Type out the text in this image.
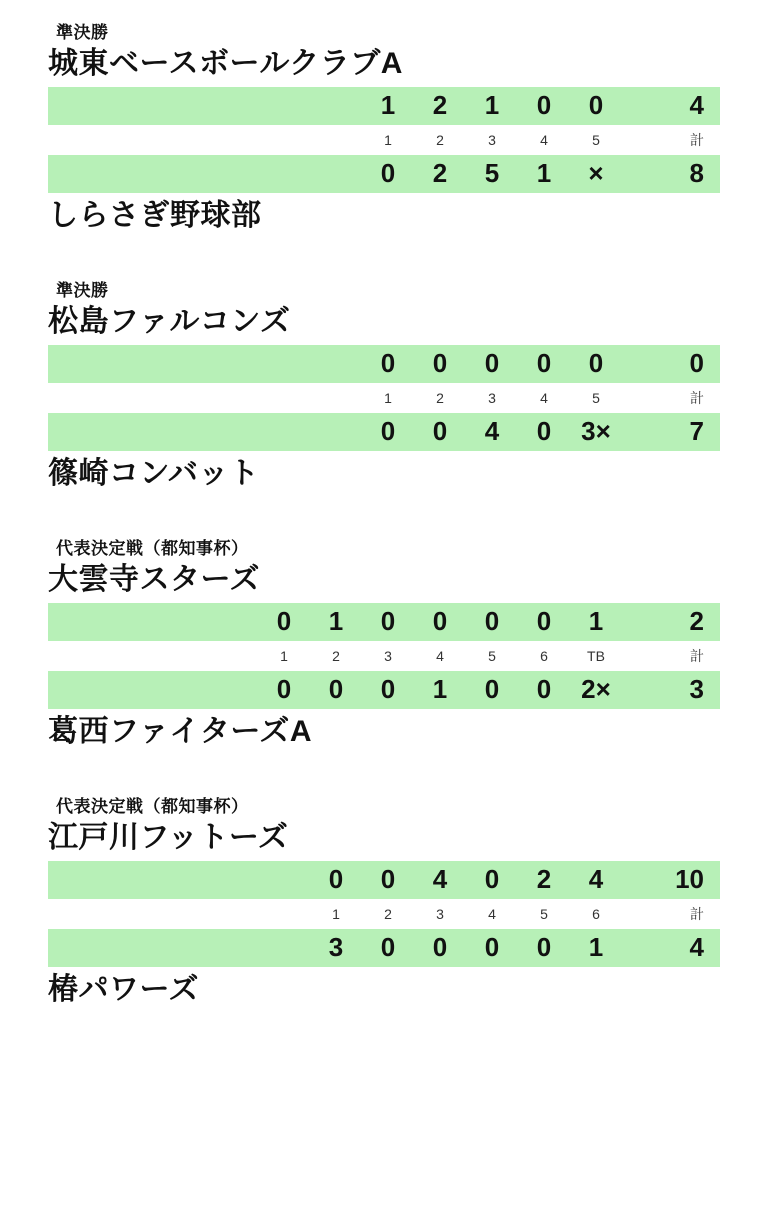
準決勝
城東ベースボールクラブA
1	2	1	0	0	4
1	2	3	4	5	計
0	2	5	1	×	8
しらさぎ野球部
準決勝
松島ファルコンズ
0	0	0	0	0	0
1	2	3	4	5	計
0	0	4	0	3×	7
篠崎コンバット
代表決定戦（都知事杯）
大雲寺スターズ
0	1	0	0	0	0	1	2
1	2	3	4	5	6	TB	計
0	0	0	1	0	0	2×	3
葛西ファイターズA
代表決定戦（都知事杯）
江戸川フットーズ
0	0	4	0	2	4	10
1	2	3	4	5	6	計
3	0	0	0	0	1	4
椿パワーズ
